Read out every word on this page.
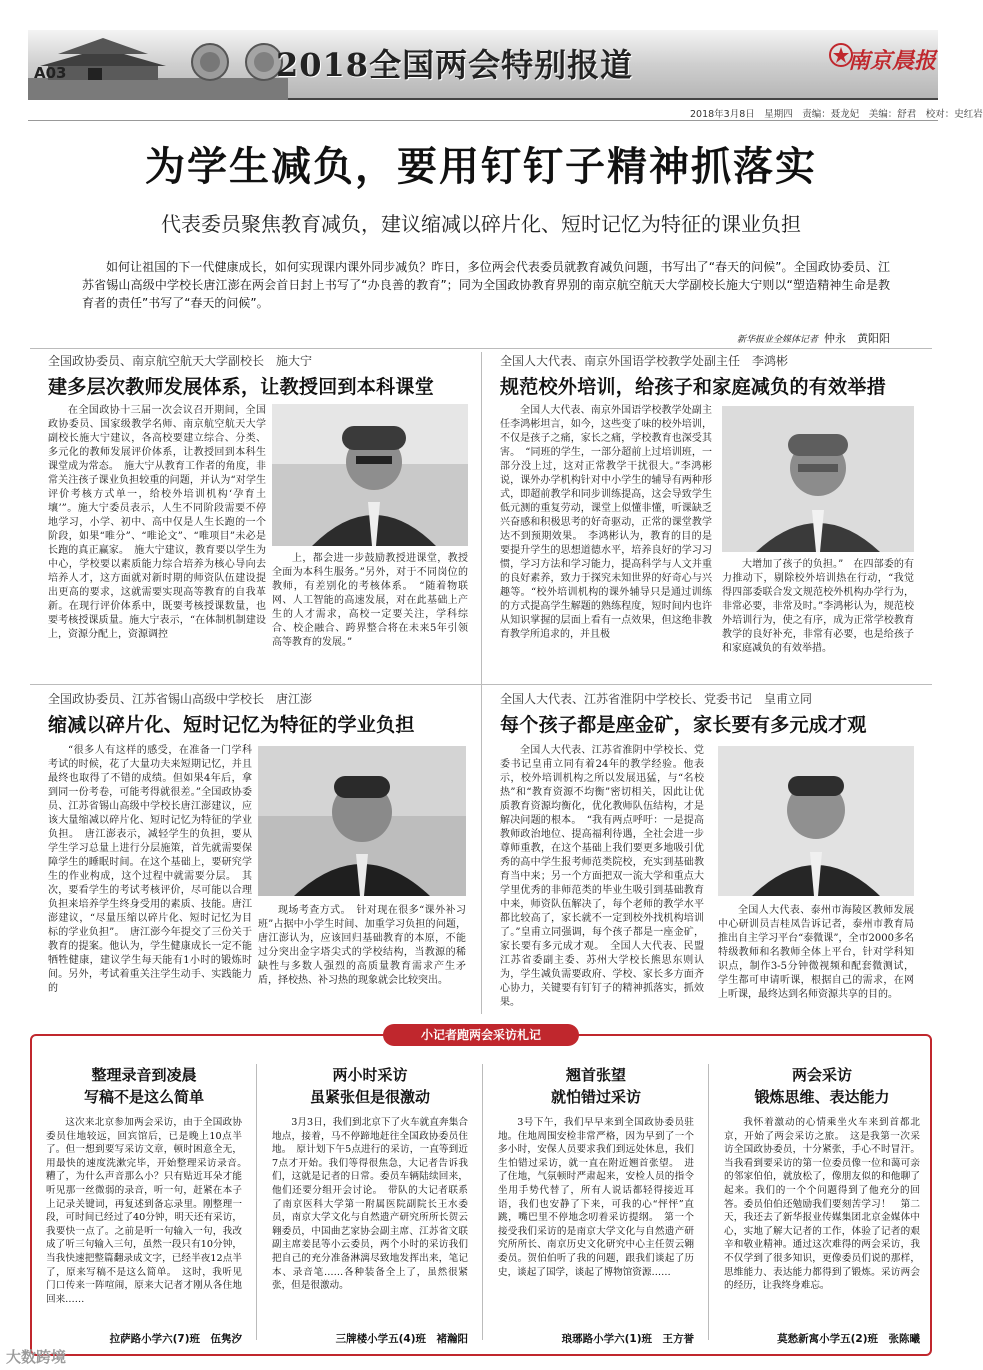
A03	2018全国两会特别报道	南京晨报
2018年3月8日　星期四　责编：聂龙妃　美编：舒君　校对：史红岩
为学生减负，要用钉钉子精神抓落实
代表委员聚焦教育减负，建议缩减以碎片化、短时记忆为特征的课业负担
如何让祖国的下一代健康成长，如何实现课内课外同步减负？昨日，多位两会代表委员就教育减负问题，书写出了“春天的问候”。全国政协委员、江苏省锡山高级中学校长唐江澎在两会首日封上书写了“办良善的教育”；同为全国政协教育界别的南京航空航天大学副校长施大宁则以“塑造精神生命是教育者的责任”书写了“春天的问候”。
新华报业全媒体记者 仲永　黄阳阳
全国政协委员、南京航空航天大学副校长　施大宁
建多层次教师发展体系，让教授回到本科课堂

在全国政协十三届一次会议召开期间，全国政协委员、国家级教学名师、南京航空航天大学副校长施大宁建议，各高校要建立综合、分类、多元化的教师发展评价体系，让教授回到本科生课堂成为常态。　施大宁从教育工作者的角度，非常关注孩子课业负担较重的问题，并认为“对学生评价考核方式单一，给校外培训机构‘孕育土壤’”。施大宁委员表示，人生不同阶段需要不停地学习，小学、初中、高中仅是人生长跑的一个阶段，如果“唯分”、“唯论文”、“唯项目”未必是长跑的真正赢家。　施大宁建议，教育要以学生为中心，学校要以素质能力综合培养为核心导向去培养人才，这方面就对新时期的师资队伍建设提出更高的要求，这就需要实现高等教育的自我革新。在现行评价体系中，既要考核授课数量，也要考核授课质量。施大宁表示，“在体制机制建设上，资源分配上，资源调控

上，都会进一步鼓励教授进课堂，教授全面为本科生服务。”另外，对于不同岗位的教师，有差别化的考核体系。　“随着物联网、人工智能的高速发展，对在此基础上产生的人才需求，高校一定要关注，学科综合、校企融合、跨界整合将在未来5年引领高等教育的发展。”

全国人大代表、南京外国语学校教学处副主任　李鸿彬
规范校外培训，给孩子和家庭减负的有效举措

全国人大代表、南京外国语学校教学处副主任李鸿彬坦言，如今，这些变了味的校外培训，不仅是孩子之痛，家长之痛，学校教育也深受其害。　“同班的学生，一部分超前上过培训班，一部分没上过，这对正常教学干扰很大。”李鸿彬说，课外办学机构针对中小学生的辅导有两种形式，即超前教学和同步训练提高，这会导致学生低元测的重复劳动，课堂上似懂非懂，听课缺乏兴奋感和积极思考的好奇驱动，正常的课堂教学达不到预期效果。　李鸿彬认为，教育的目的是要提升学生的思想道德水平，培养良好的学习习惯，学习方法和学习能力，提高科学与人文并重的良好素养，致力于探究未知世界的好奇心与兴趣等。“校外培训机构的课外辅导只是通过训练的方式提高学生解题的熟练程度，短时间内也许从知识掌握的层面上看有一点效果，但这绝非教育教学所追求的，并且极

大增加了孩子的负担。”　在四部委的有力推动下，剔除校外培训热在行动，“我觉得四部委联合发文规范校外机构办学行为，非常必要，非常及时。”李鸿彬认为，规范校外培训行为，使之有序，成为正常学校教育教学的良好补充，非常有必要，也是给孩子和家庭减负的有效举措。

全国政协委员、江苏省锡山高级中学校长　唐江澎
缩减以碎片化、短时记忆为特征的学业负担

“很多人有这样的感受，在准备一门学科考试的时候，花了大量功夫来短期记忆，并且最终也取得了不错的成绩。但如果4年后，拿到同一份考卷，可能考得就很差。”全国政协委员、江苏省锡山高级中学校长唐江澎建议，应该大量缩减以碎片化、短时记忆为特征的学业负担。　唐江澎表示，减轻学生的负担，要从学生学习总量上进行分层施策，首先就需要保障学生的睡眠时间。在这个基础上，要研究学生的作业构成，这个过程中就需要分层。　其次，要看学生的考试考核评价，尽可能以合理负担来培养学生终身受用的素质、技能。唐江澎建议，“尽量压缩以碎片化、短时记忆为目标的学业负担”。　唐江澎今年提交了三份关于教育的提案。他认为，学生健康成长一定不能牺牲健康，建议学生每天能有1小时的锻炼时间。另外，考试着重关注学生动手、实践能力的

现场考查方式。　针对现在很多“课外补习班”占据中小学生时间、加重学习负担的问题，唐江澎认为，应该回归基础教育的本原，不能过分突出金字塔尖式的学校结构，当教源的稀缺性与多数人强烈的高质量教育需求产生矛盾，择校热、补习热的现象就会比较突出。

全国人大代表、江苏省淮阴中学校长、党委书记　皇甫立同
每个孩子都是座金矿，家长要有多元成才观

全国人大代表、江苏省淮阴中学校长、党委书记皇甫立同有着24年的教学经验。他表示，校外培训机构之所以发展迅猛，与“名校热”和“教育资源不均衡”密切相关，因此让优质教育资源均衡化，优化教师队伍结构，才是解决问题的根本。　“我有两点呼吁：一是提高教师政治地位、提高福利待遇，全社会进一步尊师重教，在这个基础上我们要更多地吸引优秀的高中学生报考师范类院校，充实到基础教育当中来；另一个方面把双一流大学和重点大学里优秀的非师范类的毕业生吸引到基础教育中来，师资队伍解决了，每个老师的教学水平都比较高了，家长就不一定到校外找机构培训了。”皇甫立同强调，每个孩子都是一座金矿，家长要有多元成才观。　全国人大代表、民盟江苏省委副主委、苏州大学校长熊思东则认为，学生减负需要政府、学校、家长多方面齐心协力，关键要有钉钉子的精神抓落实，抓效果。

全国人大代表、泰州市海陵区教师发展中心研训员吉桂凤告诉记者，泰州市教育局推出自主学习平台“泰微课”，全市2000多名特级教师和名教师全体上平台，针对学科知识点，制作3-5分钟微视频和配套微测试，学生都可申请听课，根据自己的需求，在网上听课，最终达到名师资源共享的目的。

小记者跑两会采访札记
整理录音到凌晨
写稿不是这么简单

这次来北京参加两会采访，由于全国政协委员住地较远，回宾馆后，已是晚上10点半了。但一想到要写采访文章，顿时困意全无，用最快的速度洗漱完毕，开始整理采访录音。　糟了，为什么声音那么小？只有贴近耳朵才能听见那一丝微弱的录音，听一句，赶紧在本子上记录关键词，再复述到备忘录里。刚整理一段，可时间已经过了40分钟，明天还有采访，我要快一点了。之前是听一句输入一句，我改成了听三句输入三句，虽然一段只有10分钟，当我快速把整篇翻录成文字，已经半夜12点半了，原来写稿不是这么简单。　这时，我听见门口传来一阵喧闹，原来大记者才刚从各住地回来……

拉萨路小学六(7)班　伍隽汐
两小时采访
虽紧张但是很激动

3月3日，我们到北京下了火车就直奔集合地点，接着，马不停蹄地赶往全国政协委员住地。　原计划下午5点进行的采访，一直等到近7点才开始。我们等得很焦急，大记者告诉我们，这就是记者的日常。委员车辆陆续回来，他们还要分组开会讨论。　带队的大记者联系了南京医科大学第一附属医院副院长王水委员，南京大学文化与自然遗产研究所所长贺云翱委员，中国曲艺家协会副主席、江苏省文联副主席姜昆等小云委员，两个小时的采访我们把自己的充分准备淋漓尽致地发挥出来，笔记本、录音笔……各种装备全上了，虽然很紧张，但是很激动。

三牌楼小学五(4)班　褚瀚阳
翘首张望
就怕错过采访

3号下午，我们早早来到全国政协委员驻地。住地周围安检非常严格，因为早到了一个多小时，安保人员要求我们到远处休息，我们生怕错过采访，就一直在附近翘首张望。　进了住地，气氛顿时严肃起来，安检人员的指令坐用手势代替了，所有人说话都轻得接近耳语，我们也安静了下来，可我的心“怦怦”直跳，嘴巴里不停地念叨着采访提纲。　第一个接受我们采访的是南京大学文化与自然遗产研究所所长、南京历史文化研究中心主任贺云翱委员。贺伯伯听了我的问题，跟我们谈起了历史，谈起了国学，谈起了博物馆资源……

琅琊路小学六(1)班　王方誉
两会采访
锻炼思维、表达能力

我怀着激动的心情乘坐火车来到首都北京，开始了两会采访之旅。　这是我第一次采访全国政协委员，十分紧张，手心不时冒汗。当我看到要采访的第一位委员像一位和蔼可亲的邻家伯伯，就放松了，像朋友似的和他聊了起来。我们的一个个问题得到了他充分的回答。委员伯伯还勉励我们要刻苦学习！　第二天，我还去了新华报业传媒集团北京金媒体中心，实地了解大记者的工作，体验了记者的艰辛和敬业精神。通过这次难得的两会采访，我不仅学到了很多知识，更像委员们说的那样，思维能力、表达能力都得到了锻炼。采访两会的经历，让我终身难忘。

莫愁新寓小学五(2)班　张陈曦
大数跨境
